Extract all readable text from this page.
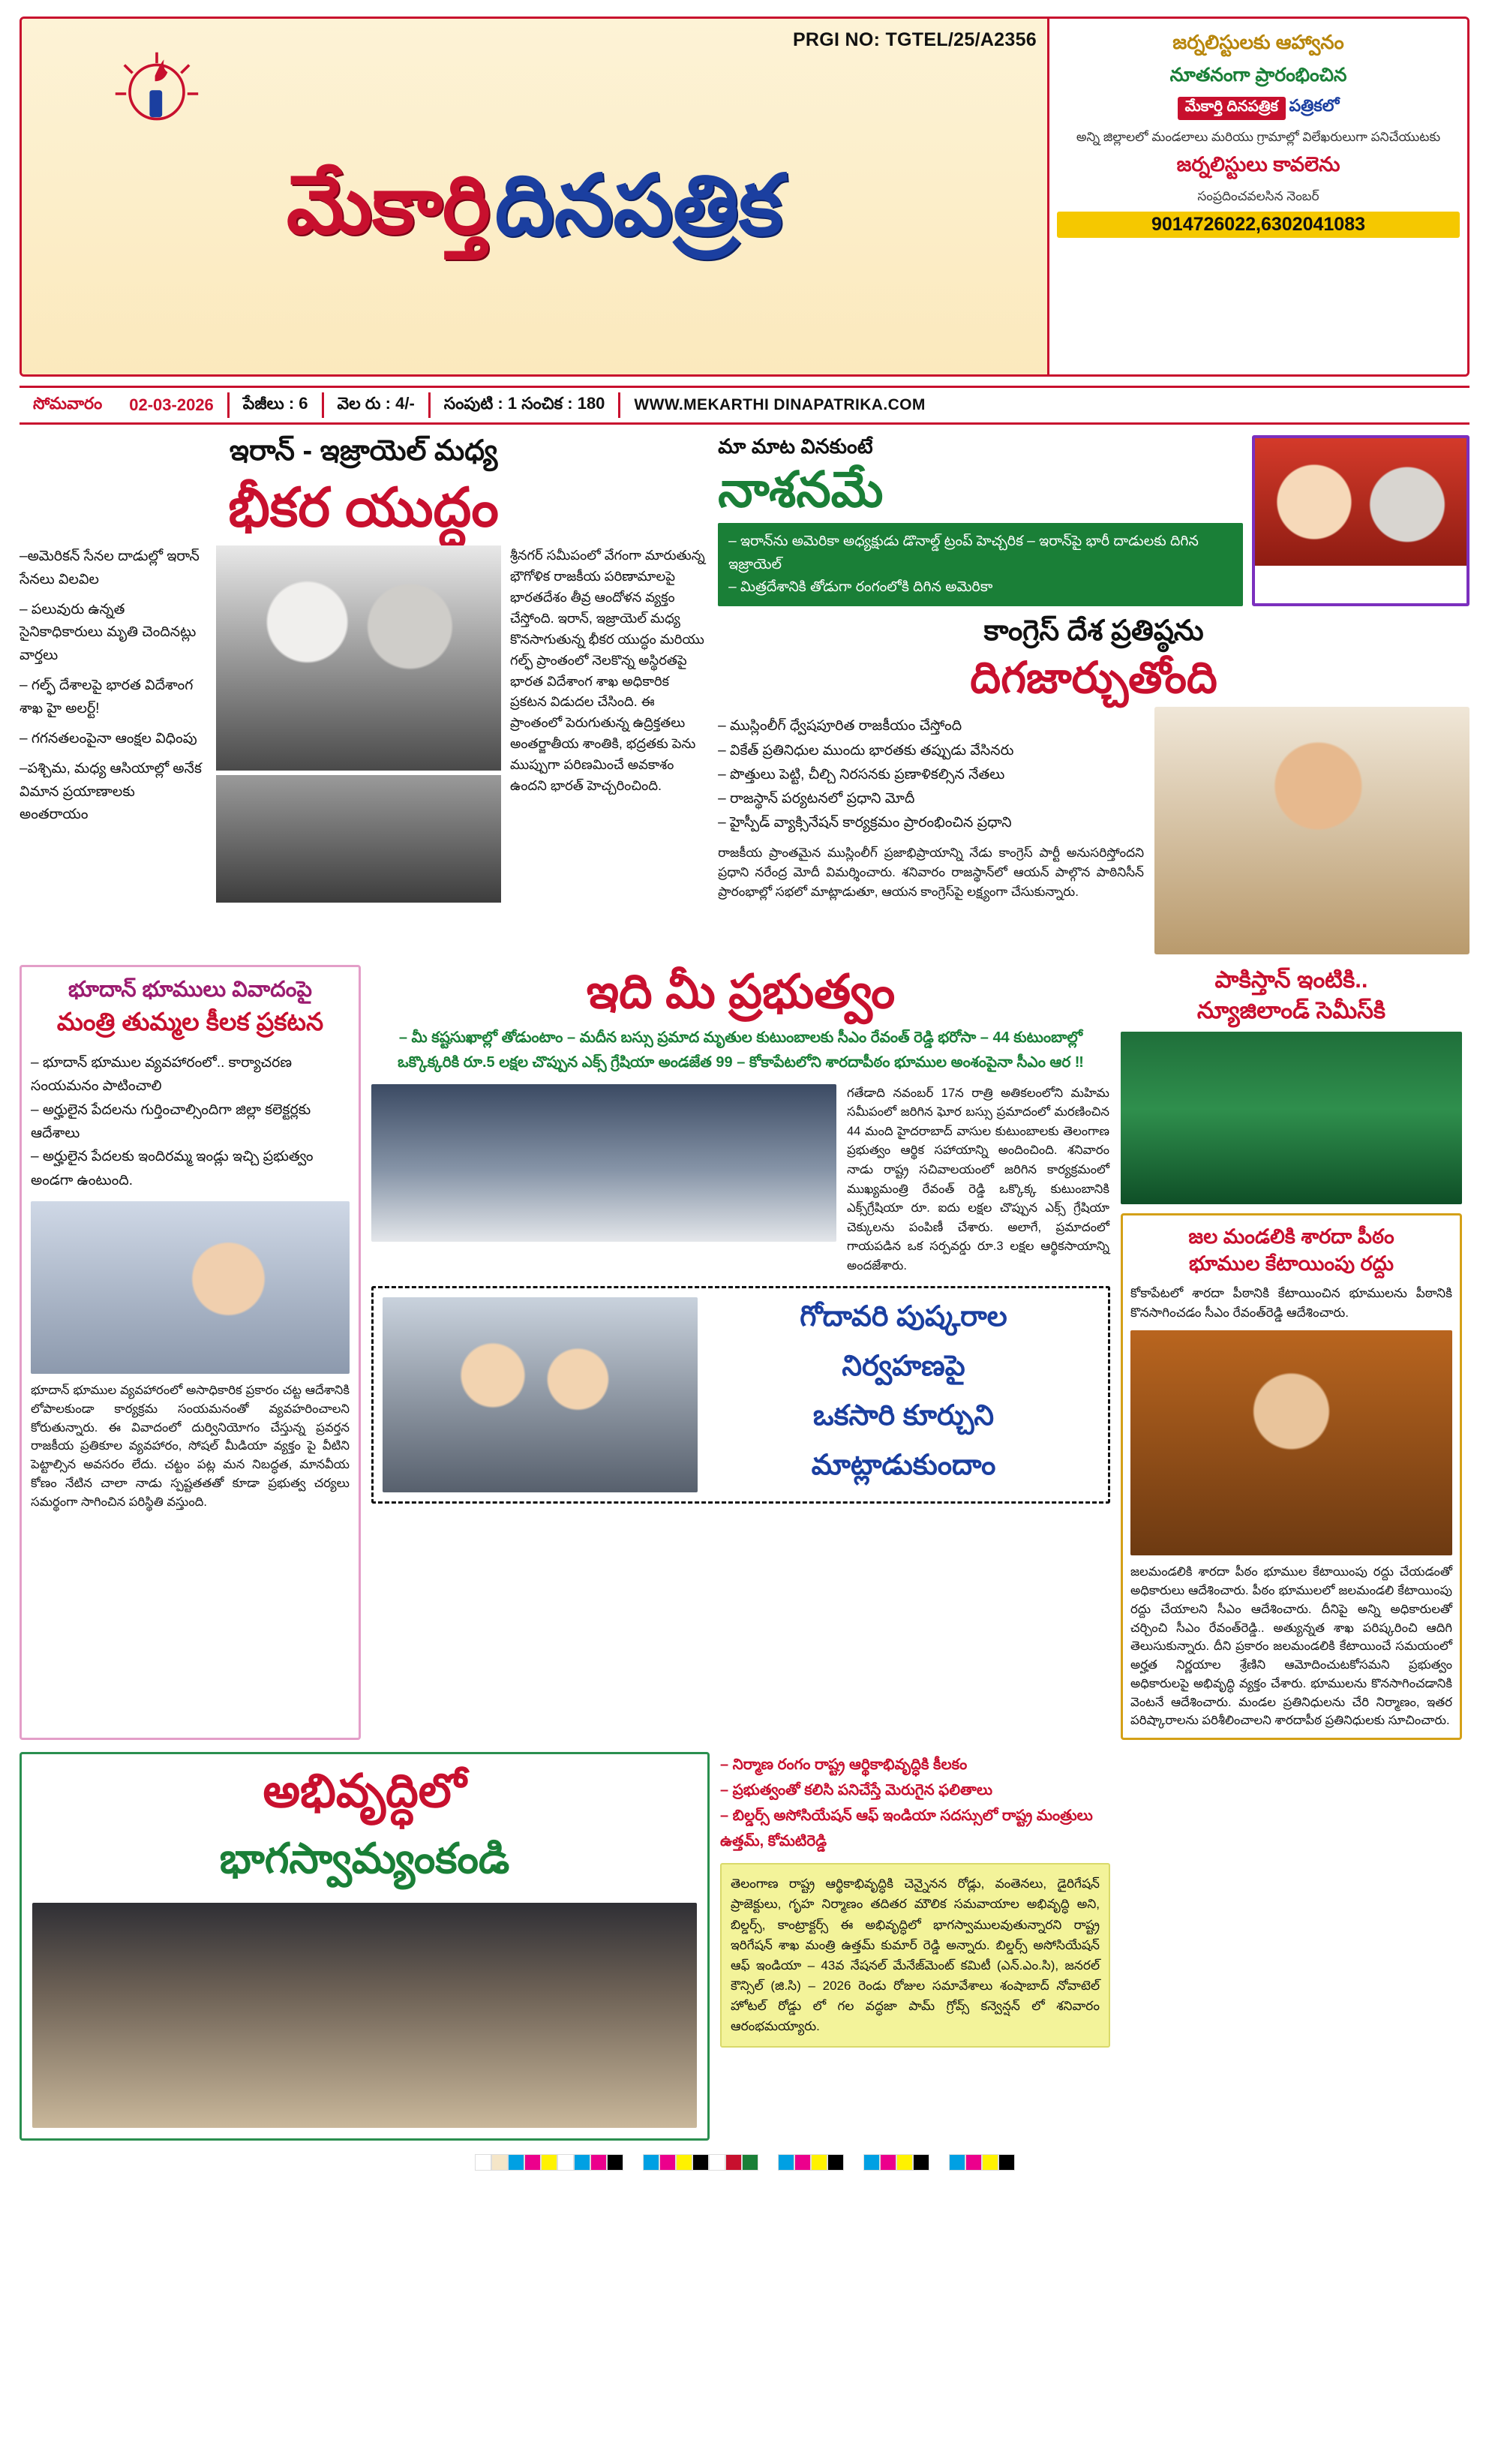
PRGI NO: TGTEL/25/A2356
మేకార్తి దినపత్రిక
జర్నలిస్టులకు ఆహ్వానం
నూతనంగా ప్రారంభించిన
మేకార్తి దినపత్రిక పత్రికలో
అన్ని జిల్లాలలో మండలాలు మరియు గ్రామాల్లో విలేఖరులుగా పనిచేయుటకు
జర్నలిస్టులు కావలెను
సంప్రదించవలసిన నెంబర్
9014726022,6302041083
సోమవారం	02-03-2026	పేజీలు : 6	వెల రు : 4/-	సంపుటి : 1 సంచిక : 180	WWW.MEKARTHI DINAPATRIKA.COM
ఇరాన్ - ఇజ్రాయెల్ మధ్య
భీకర యుద్ధం

–అమెరికన్ సేనల దాడుల్లో ఇరాన్ సేనలు విలవిల

– పలువురు ఉన్నత సైనికాధికారులు మృతి చెందినట్లు వార్తలు

– గల్ఫ్ దేశాలపై భారత విదేశాంగ శాఖ హై అలర్ట్!

– గగనతలంపైనా ఆంక్షల విధింపు

–పశ్చిమ, మధ్య ఆసియాల్లో అనేక విమాన ప్రయాణాలకు అంతరాయం

శ్రీనగర్ సమీపంలో వేగంగా మారుతున్న భౌగోళిక రాజకీయ పరిణామాలపై భారతదేశం తీవ్ర ఆందోళన వ్యక్తం చేస్తోంది. ఇరాన్, ఇజ్రాయెల్ మధ్య కొనసాగుతున్న భీకర యుద్ధం మరియు గల్ఫ్ ప్రాంతంలో నెలకొన్న అస్థిరతపై భారత విదేశాంగ శాఖ అధికారిక ప్రకటన విడుదల చేసింది. ఈ ప్రాంతంలో పెరుగుతున్న ఉద్రిక్తతలు అంతర్జాతీయ శాంతికి, భద్రతకు పెను ముప్పుగా పరిణమించే అవకాశం ఉందని భారత్ హెచ్చరించింది.
మా మాట వినకుంటే
నాశనమే
– ఇరాన్‌ను అమెరికా అధ్యక్షుడు డొనాల్డ్ ట్రంప్ హెచ్చరిక – ఇరాన్‌పై భారీ దాడులకు దిగిన ఇజ్రాయెల్
– మిత్రదేశానికి తోడుగా రంగంలోకి దిగిన అమెరికా
కాంగ్రెస్ దేశ ప్రతిష్ఠను
దిగజార్చుతోంది
– ముస్లింలీగ్ ధ్వేషపూరిత రాజకీయం చేస్తోంది
– వికేత్ ప్రతినిధుల ముందు భారతకు తప్పుడు వేసినరు
– పొత్తులు పెట్టి, చీల్చి నిరసనకు ప్రణాళికల్సిన నేతలు
– రాజస్థాన్ పర్యటనలో ప్రధాని మోదీ
– హైస్పీడ్ వ్యాక్సినేషన్ కార్యక్రమం ప్రారంభించిన ప్రధాని
రాజకీయ ప్రాంతమైన ముస్లింలీగ్ ప్రజాభిప్రాయాన్ని నేడు కాంగ్రెస్ పార్టీ అనుసరిస్తోందని ప్రధాని నరేంద్ర మోదీ విమర్శించారు. శనివారం రాజస్థాన్‌లో ఆయన్ పాల్గొన పాఠినిసీన్ ప్రారంభాల్లో సభలో మాట్లాడుతూ, ఆయన కాంగ్రెస్‌పై లక్ష్యంగా చేసుకున్నారు.
భూదాన్ భూములు వివాదంపై
మంత్రి తుమ్మల కీలక ప్రకటన
– భూదాన్ భూముల వ్యవహారంలో.. కార్యాచరణ సంయమనం పాటించాలి
– అర్హులైన పేదలను గుర్తించాల్సిందిగా జిల్లా కలెక్టర్లకు ఆదేశాలు
– అర్హులైన పేదలకు ఇందిరమ్మ ఇండ్లు ఇచ్చి ప్రభుత్వం అండగా ఉంటుంది.
భూదాన్ భూముల వ్యవహారంలో అసాధికారిక ప్రకారం చట్ట ఆదేశానికి లోపాలకుండా కార్యక్రమ సంయమనంతో వ్యవహరించాలని కోరుతున్నారు. ఈ వివాదంలో దుర్వినియోగం చేస్తున్న ప్రవర్తన రాజకీయ ప్రతికూల వ్యవహారం, సోషల్ మీడియా వ్యక్తం పై వీటిని పెట్టాల్సిన అవసరం లేదు. చట్టం పట్ల మన నిబద్ధత, మానవీయ కోణం నేటిన చాలా నాడు స్పష్టతతతో కూడా ప్రభుత్వ చర్యలు సమర్థంగా సాగించిన పరిస్థితి వస్తుంది.
ఇది మీ ప్రభుత్వం
– మీ కష్టసుఖాల్లో తోడుంటాం – మదీన బస్సు ప్రమాద మృతుల కుటుంబాలకు సీఎం రేవంత్ రెడ్డి భరోసా – 44 కుటుంబాల్లో ఒక్కొక్కరికి రూ.5 లక్షల చొప్పున ఎక్స్ గ్రేషియా అండజేత 99 – కోకాపేటలోని శారదాపీఠం భూముల అంశంపైనా సీఎం ఆర ‼
గతేడాది నవంబర్ 17న రాత్రి అతికలంలోని మహిమ సమీపంలో జరిగిన ఘోర బస్సు ప్రమాదంలో మరణించిన 44 మంది హైదరాబాద్ వాసుల కుటుంబాలకు తెలంగాణ ప్రభుత్వం ఆర్థిక సహాయాన్ని అందించింది. శనివారం నాడు రాష్ట్ర సచివాలయంలో జరిగిన కార్యక్రమంలో ముఖ్యమంత్రి రేవంత్ రెడ్డి ఒక్కొక్క కుటుంబానికి ఎక్స్‌గ్రేషియా రూ. ఐదు లక్షల చొప్పున ఎక్స్ గ్రేషియా చెక్కులను పంపిణీ చేశారు. అలాగే, ప్రమాదంలో గాయపడిన ఒక సర్పవర్డు రూ.3 లక్షల ఆర్థికసాయాన్ని అందజేశారు.
గోదావరి పుష్కరాల
నిర్వహణపై
ఒకసారి కూర్చుని
మాట్లాడుకుందాం
పాకిస్తాన్ ఇంటికి..
న్యూజిలాండ్ సెమీస్‌కి
జల మండలికి శారదా పీఠం
భూముల కేటాయింపు రద్దు
కోకాపేటలో శారదా పీఠానికి కేటాయించిన భూములను పీఠానికి కొనసాగించడం సీఎం రేవంత్‌రెడ్డి ఆదేశించారు.
జలమండలికి శారదా పీఠం భూముల కేటాయింపు రద్దు చేయడంతో అధికారులు ఆదేశించారు. పీఠం భూములలో జలమండలి కేటాయింపు రద్దు చేయాలని సీఎం ఆదేశించారు. దీనిపై అన్ని అధికారులతో చర్చించి సీఎం రేవంత్‌రెడ్డి.. అత్యున్నత శాఖ పరిష్కరించి ఆదిగి తెలుసుకున్నారు. దీని ప్రకారం జలమండలికి కేటాయించే సమయంలో అర్హత నిర్ణయాల శ్రేణిని ఆమోదించుటకోసమని ప్రభుత్వం అధికారులపై అభివృద్ధి వ్యక్తం చేశారు. భూములను కొనసాగించడానికి వెంటనే ఆదేశించారు. మండల ప్రతినిధులను చేరి నిర్మాణం, ఇతర పరిష్కారాలను పరిశీలించాలని శారదాపీఠ ప్రతినిధులకు సూచించారు.
అభివృద్ధిలో
భాగస్వామ్యంకండి
– నిర్మాణ రంగం రాష్ట్ర ఆర్థికాభివృద్ధికి కీలకం
– ప్రభుత్వంతో కలిసి పనిచేస్తే మెరుగైన ఫలితాలు
– బిల్డర్స్ అసోసియేషన్ ఆఫ్ ఇండియా సదస్సులో రాష్ట్ర మంత్రులు ఉత్తమ్, కోమటిరెడ్డి

తెలంగాణ రాష్ట్ర ఆర్థికాభివృద్ధికి చెన్నైనన రోడ్లు, వంతెనలు, డైరిగేషన్ ప్రాజెక్టులు, గృహ నిర్మాణం తదితర మౌలిక సమవాయాల అభివృద్ధి అని, బిల్డర్స్, కాంట్రాక్టర్స్ ఈ అభివృద్ధిలో భాగస్వాములవుతున్నారని రాష్ట్ర ఇరిగేషన్ శాఖ మంత్రి ఉత్తమ్ కుమార్ రెడ్డి అన్నారు. బిల్డర్స్ అసోసియేషన్ ఆఫ్ ఇండియా – 43వ నేషనల్ మేనేజ్‌మెంట్ కమిటీ (ఎన్.ఎం.సి), జనరల్ కౌన్సిల్ (జి.సి) – 2026 రెండు రోజుల సమావేశాలు శంషాబాద్ నోవాటెల్ హోటల్ రోడ్డు లో గల వద్ధజా పామ్ గ్రోవ్స్ కన్వెన్షన్ లో శనివారం ఆరంభమయ్యారు.
